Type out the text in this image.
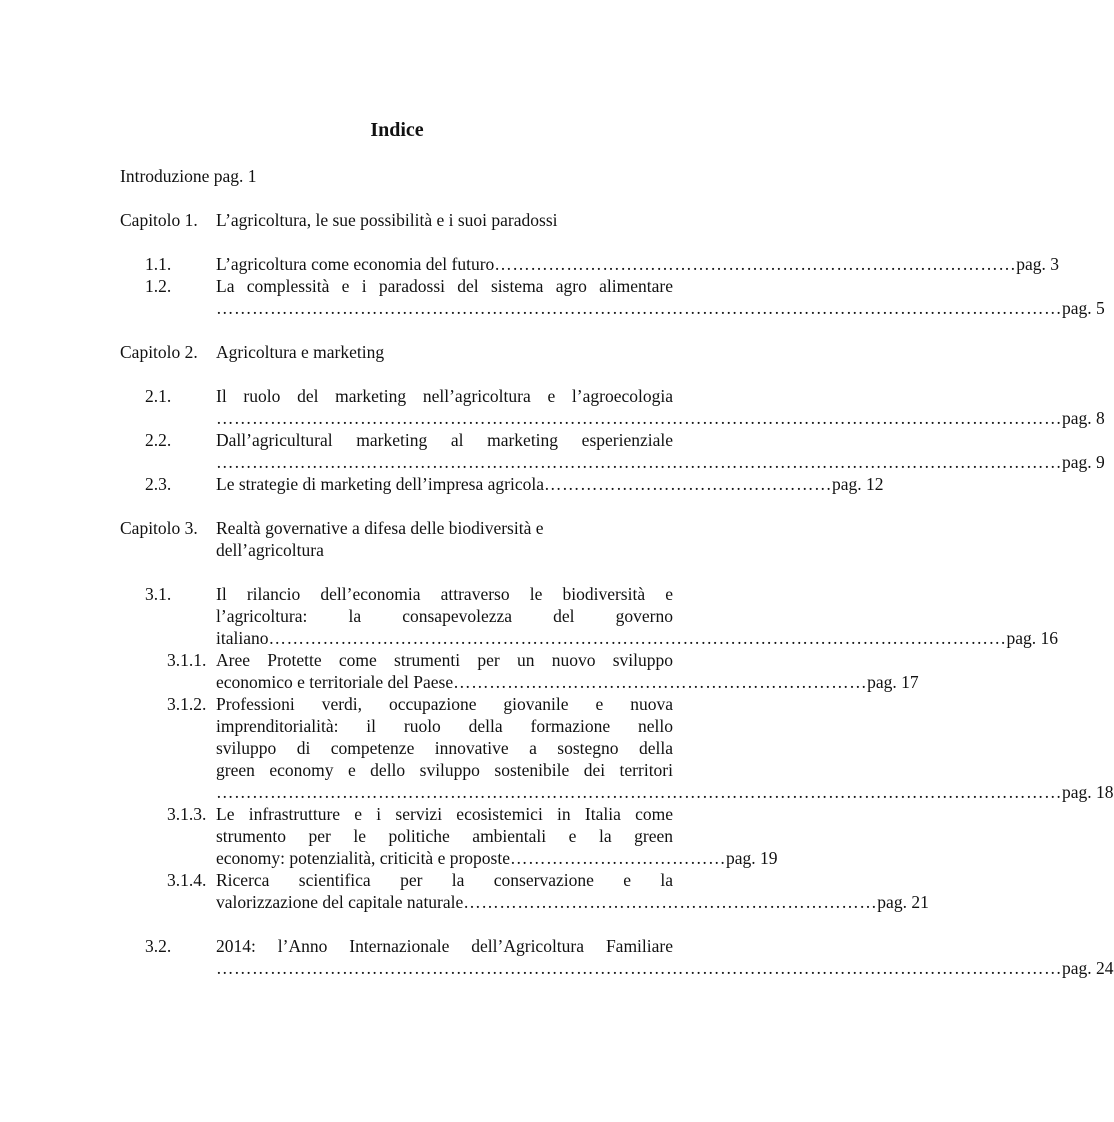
Indice
Introduzione pag. 1
Capitolo 1. L’agricoltura, le sue possibilità e i suoi paradossi
1.1.	L’agricoltura come economia del futuro …………………………………………………………………………… pag. 3
1.2.	La complessità e i paradossi del sistema agro alimentare
…………………………………………………………………………………………………………………………… pag. 5
Capitolo 2. Agricoltura e marketing
2.1.	Il ruolo del marketing nell’agricoltura e l’agroecologia
…………………………………………………………………………………………………………………………… pag. 8
2.2.	Dall’agricultural marketing al marketing esperienziale
…………………………………………………………………………………………………………………………… pag. 9
2.3.	Le strategie di marketing dell’impresa agricola ………………………………………… pag. 12
Capitolo 3. Realtà governative a difesa delle biodiversità e
dell’agricoltura
3.1.	Il rilancio dell’economia attraverso le biodiversità e
l’agricoltura: la consapevolezza del governo
italiano …………………………………………………………………………………………………………… pag. 16
3.1.1. Aree Protette come strumenti per un nuovo sviluppo
economico e territoriale del Paese …………………………………………………………… pag. 17
3.1.2. Professioni verdi, occupazione giovanile e nuova
imprenditorialità: il ruolo della formazione nello
sviluppo di competenze innovative a sostegno della
green economy e dello sviluppo sostenibile dei territori
…………………………………………………………………………………………………………………………… pag. 18
3.1.3. Le infrastrutture e i servizi ecosistemici in Italia come
strumento per le politiche ambientali e la green
economy: potenzialità, criticità e proposte ……………………………… pag. 19
3.1.4. Ricerca scientifica per la conservazione e la
valorizzazione del capitale naturale …………………………………………………………… pag. 21
3.2.	2014: l’Anno Internazionale dell’Agricoltura Familiare
…………………………………………………………………………………………………………………………… pag. 24
